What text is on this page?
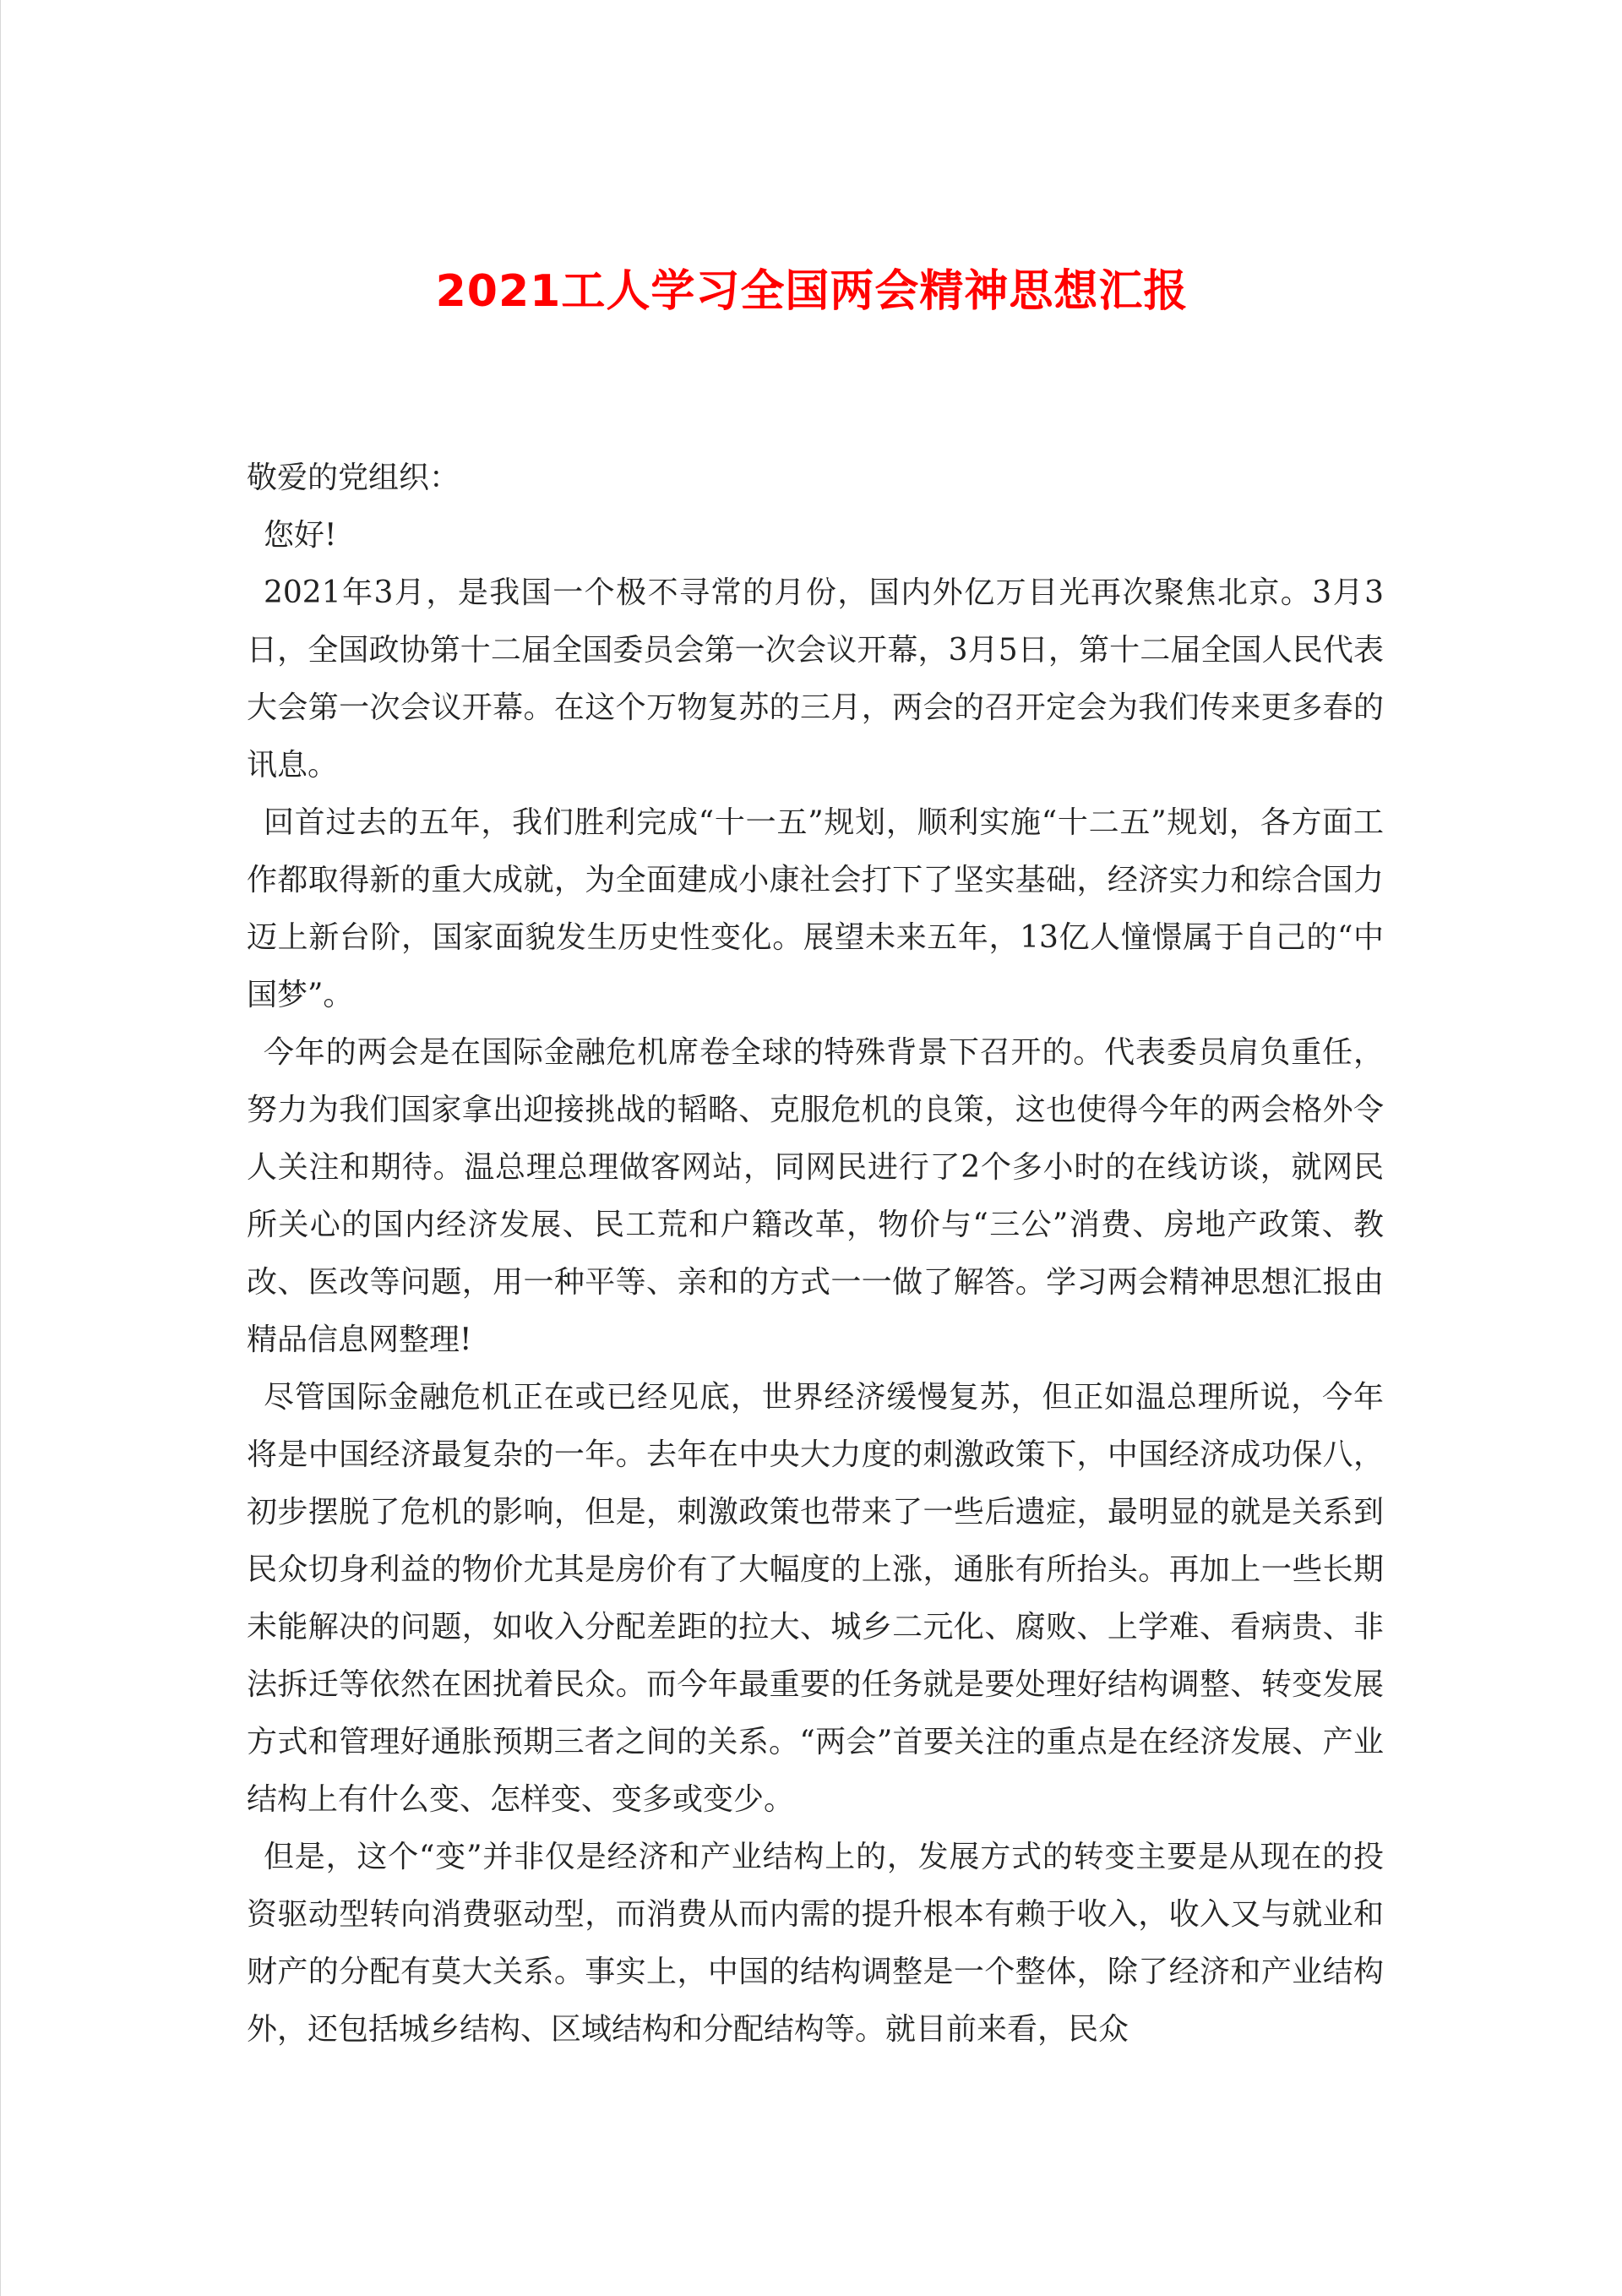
2021工人学习全国两会精神思想汇报

敬爱的党组织：

您好!

2021年3月，是我国一个极不寻常的月份，国内外亿万目光再次聚焦北京。3月3日，全国政协第十二届全国委员会第一次会议开幕，3月5日，第十二届全国人民代表大会第一次会议开幕。在这个万物复苏的三月，两会的召开定会为我们传来更多春的讯息。

回首过去的五年，我们胜利完成“十一五”规划，顺利实施“十二五”规划，各方面工作都取得新的重大成就，为全面建成小康社会打下了坚实基础，经济实力和综合国力迈上新台阶，国家面貌发生历史性变化。展望未来五年，13亿人憧憬属于自己的“中国梦”。

今年的两会是在国际金融危机席卷全球的特殊背景下召开的。代表委员肩负重任，努力为我们国家拿出迎接挑战的韬略、克服危机的良策，这也使得今年的两会格外令人关注和期待。温总理总理做客网站，同网民进行了2个多小时的在线访谈，就网民所关心的国内经济发展、民工荒和户籍改革，物价与“三公”消费、房地产政策、教改、医改等问题，用一种平等、亲和的方式一一做了解答。学习两会精神思想汇报由精品信息网整理!

尽管国际金融危机正在或已经见底，世界经济缓慢复苏，但正如温总理所说，今年将是中国经济最复杂的一年。去年在中央大力度的刺激政策下，中国经济成功保八，初步摆脱了危机的影响，但是，刺激政策也带来了一些后遗症，最明显的就是关系到民众切身利益的物价尤其是房价有了大幅度的上涨，通胀有所抬头。再加上一些长期未能解决的问题，如收入分配差距的拉大、城乡二元化、腐败、上学难、看病贵、非法拆迁等依然在困扰着民众。而今年最重要的任务就是要处理好结构调整、转变发展方式和管理好通胀预期三者之间的关系。“两会”首要关注的重点是在经济发展、产业结构上有什么变、怎样变、变多或变少。

但是，这个“变”并非仅是经济和产业结构上的，发展方式的转变主要是从现在的投资驱动型转向消费驱动型，而消费从而内需的提升根本有赖于收入，收入又与就业和财产的分配有莫大关系。事实上，中国的结构调整是一个整体，除了经济和产业结构外，还包括城乡结构、区域结构和分配结构等。就目前来看，民众
